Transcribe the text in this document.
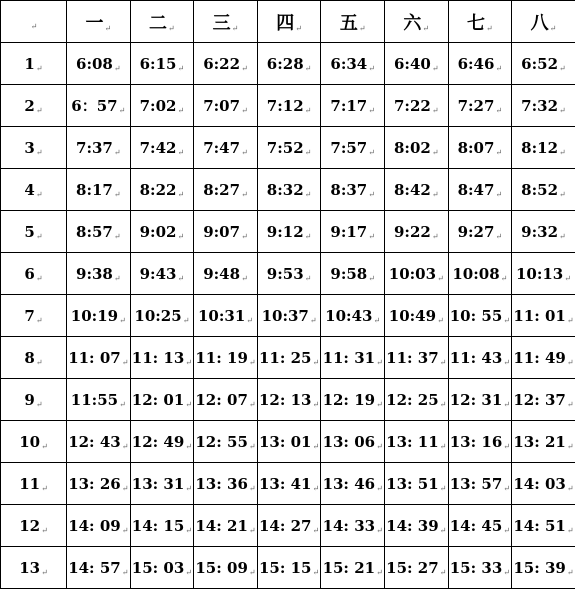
↵	一↵	二↵	三↵	四↵	五↵	六↵	七↵	八↵
1↵	6:08↵	6:15↵	6:22↵	6:28↵	6:34↵	6:40↵	6:46↵	6:52↵
2↵	6：57↵	7:02↵	7:07↵	7:12↵	7:17↵	7:22↵	7:27↵	7:32↵
3↵	7:37↵	7:42↵	7:47↵	7:52↵	7:57↵	8:02↵	8:07↵	8:12↵
4↵	8:17↵	8:22↵	8:27↵	8:32↵	8:37↵	8:42↵	8:47↵	8:52↵
5↵	8:57↵	9:02↵	9:07↵	9:12↵	9:17↵	9:22↵	9:27↵	9:32↵
6↵	9:38↵	9:43↵	9:48↵	9:53↵	9:58↵	10:03↵	10:08↵	10:13↵
7↵	10:19↵	10:25↵	10:31↵	10:37↵	10:43↵	10:49↵	10: 55↵	11: 01↵
8↵	11: 07↵	11: 13↵	11: 19↵	11: 25↵	11: 31↵	11: 37↵	11: 43↵	11: 49↵
9↵	11:55↵	12: 01↵	12: 07↵	12: 13↵	12: 19↵	12: 25↵	12: 31↵	12: 37↵
10↵	12: 43↵	12: 49↵	12: 55↵	13: 01↵	13: 06↵	13: 11↵	13: 16↵	13: 21↵
11↵	13: 26↵	13: 31↵	13: 36↵	13: 41↵	13: 46↵	13: 51↵	13: 57↵	14: 03↵
12↵	14: 09↵	14: 15↵	14: 21↵	14: 27↵	14: 33↵	14: 39↵	14: 45↵	14: 51↵
13↵	14: 57↵	15: 03↵	15: 09↵	15: 15↵	15: 21↵	15: 27↵	15: 33↵	15: 39↵
